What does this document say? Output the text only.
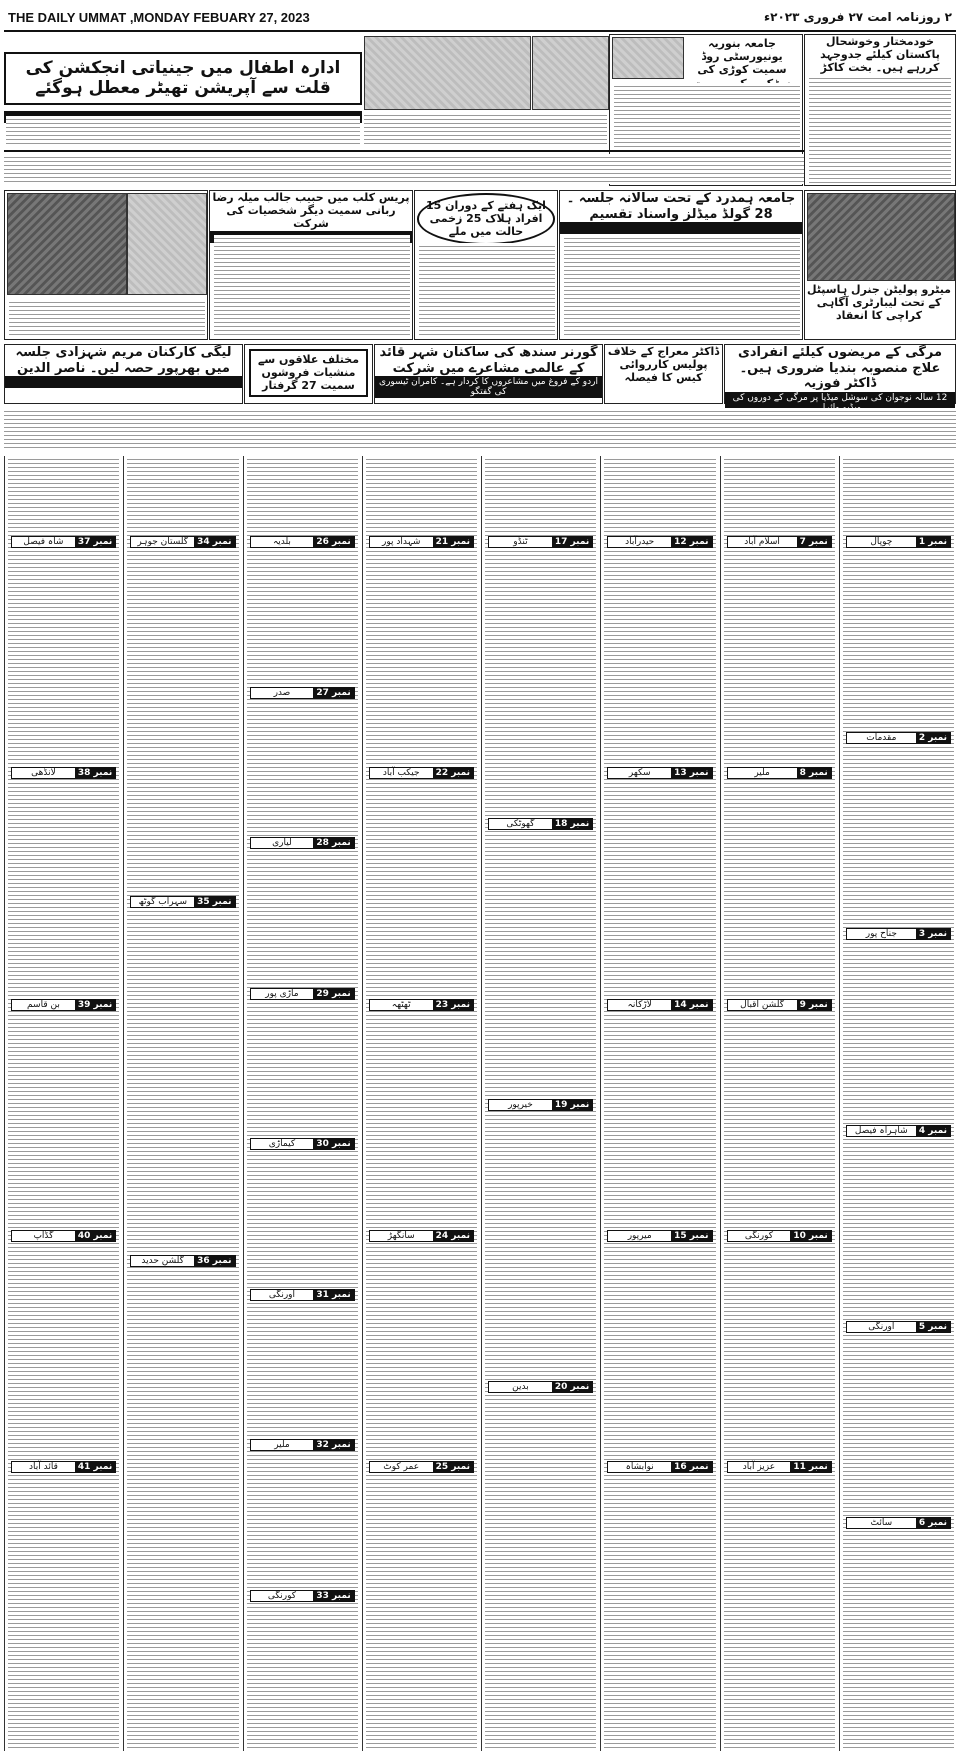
THE DAILY UMMAT ,MONDAY FEBUARY 27, 2023	۲ روزنامہ امت ۲۷ فروری ۲۰۲۳ء
خودمختار وخوشحال پاکستان کیلئے جدوجہد کررہے ہیں۔ بخت کاکڑ
جامعہ بنوریہ یونیورسٹی روڈ سمیت کوڑی کی
ادارہ اطفال میں جینیاتی انجکشن کی قلت سے آپریشن تھیٹر معطل ہوگئے

میٹرو پولیٹن جنرل ہاسپٹل کے تحت لیبارٹری آگاہی کراچی کا انعقاد
جامعہ ہمدرد کے تحت سالانہ جلسہ ۔ 28 گولڈ میڈلز واسناد تقسیم

ایک ہفتے کے دوران 15 افراد ہلاک 25 زخمی حالت میں ملے
پریس کلب میں حبیب جالب میلہ رضا ربانی سمیت دیگر شخصیات کی شرکت

مرگی کے مریضوں کیلئے انفرادی علاج منصوبہ بندیا ضروری ہیں۔ ڈاکٹر فوزیہ
12 سالہ نوجوان کی سوشل میڈیا پر مرگی کے دوروں کی
ڈاکٹر معراج کے خلاف پولیس کارروائی کیس کا فیصلہ
گورنر سندھ کی ساکنان شہر قائد کے عالمی مشاعرے میں شرکت
اردو کے فروغ میں مشاعروں کا کردار ہے۔ کامران ٹیسوری کی گفتگو
مختلف علاقوں سے منشیات فروشوں سمیت 27 گرفتار
لیگی کارکنان مریم شہزادی جلسہ میں بھرپور حصہ لیں۔ ناصر الدین

نمبر 1
چوپال
نمبر 2
مقدمات
نمبر 3
جناح پور
نمبر 4
شاہراہ فیصل
نمبر 5
اورنگی
نمبر 6
سائٹ
نمبر 7
اسلام آباد
نمبر 8
ملیر
نمبر 9
گلشن اقبال
نمبر 10
کورنگی
نمبر 11
عزیز آباد
نمبر 12
حیدرآباد
نمبر 13
سکھر
نمبر 14
لاڑکانہ
نمبر 15
میرپور
نمبر 16
نوابشاہ
نمبر 17
ٹنڈو
نمبر 18
گھوٹکی
نمبر 19
خیرپور
نمبر 20
بدین
نمبر 21
شہداد پور
نمبر 22
جیکب آباد
نمبر 23
ٹھٹھہ
نمبر 24
سانگھڑ
نمبر 25
عمر کوٹ
نمبر 26
بلدیہ
نمبر 27
صدر
نمبر 28
لیاری
نمبر 29
ماڑی پور
نمبر 30
کیماڑی
نمبر 31
اورنگی
نمبر 32
ملیر
نمبر 33
کورنگی
نمبر 34
گلستان جوہر
نمبر 35
سہراب گوٹھ
نمبر 36
گلشن حدید
نمبر 37
شاہ فیصل
نمبر 38
لانڈھی
نمبر 39
بن قاسم
نمبر 40
گڈاپ
نمبر 41
قائد آباد
